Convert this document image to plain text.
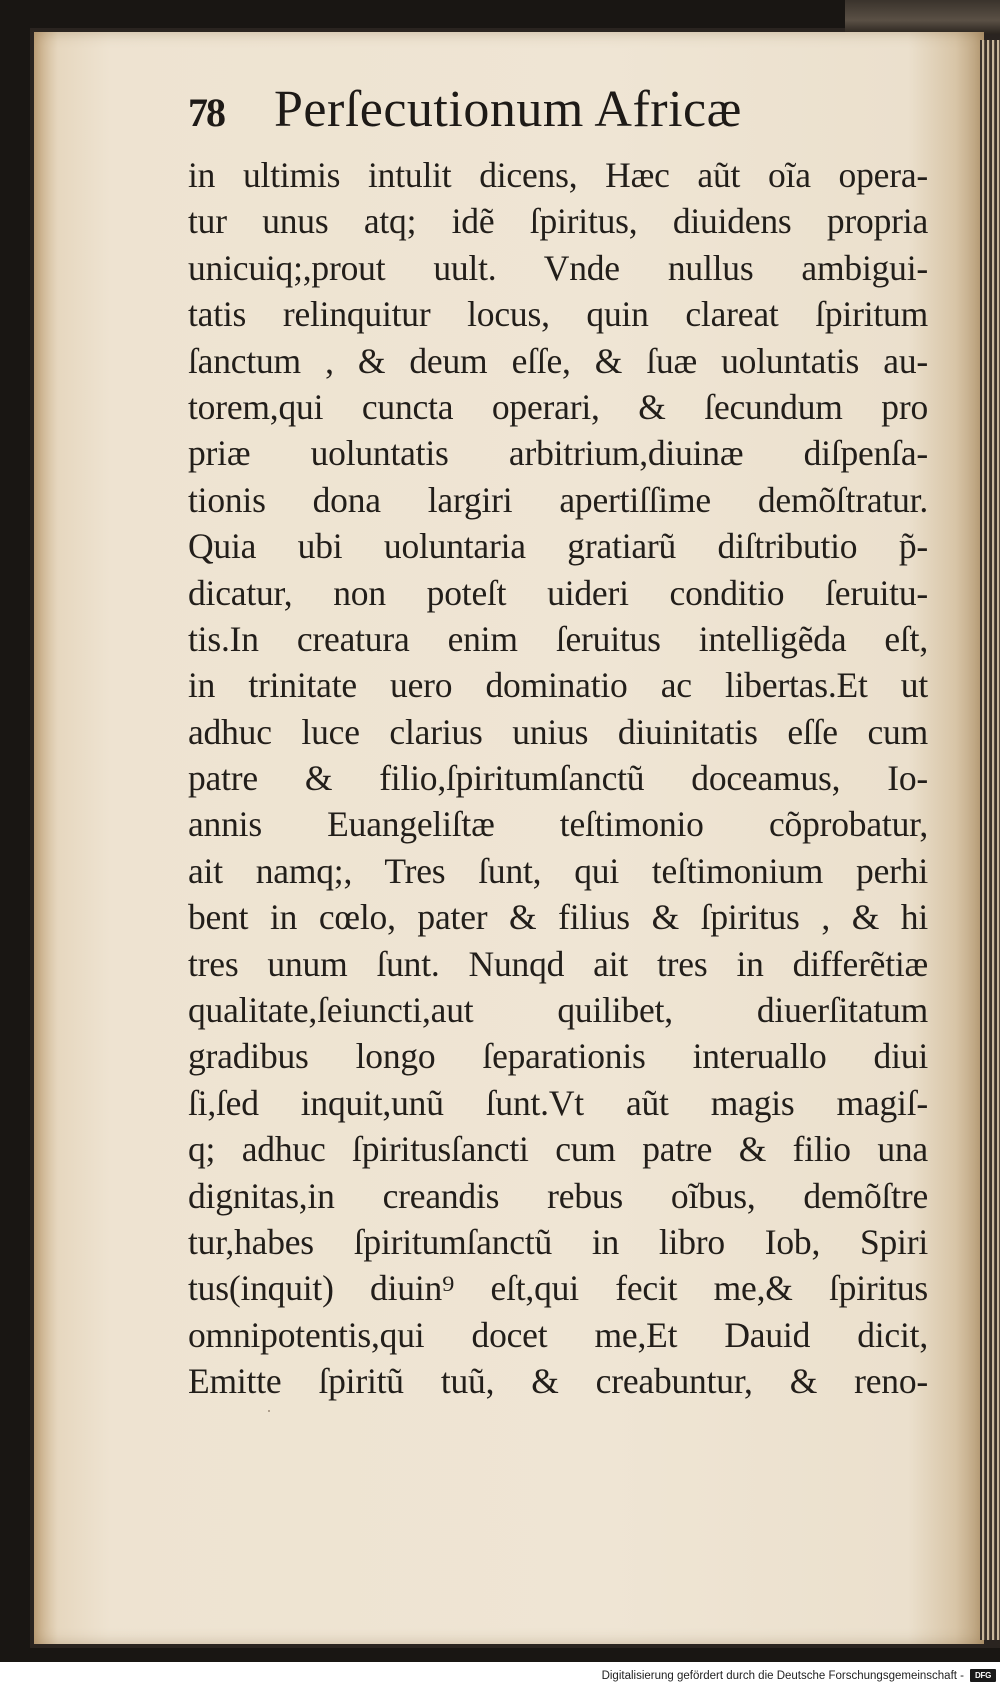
78 Perſecutionum Africæ
in ultimis intulit dicens, Hæc aũt oĩa opera-
tur unus atq; idẽ ſpiritus, diuidens propria
unicuiq;,prout uult. Vnde nullus ambigui-
tatis relinquitur locus, quin clareat ſpiritum
ſanctum , & deum eſſe, & ſuæ uoluntatis au-
torem,qui cuncta operari, & ſecundum pro
priæ uoluntatis arbitrium,diuinæ diſpenſa-
tionis dona largiri apertiſſime demõſtratur.
Quia ubi uoluntaria gratiarũ diſtributio p̃-
dicatur, non poteſt uideri conditio ſeruitu-
tis.In creatura enim ſeruitus intelligẽda eſt,
in trinitate uero dominatio ac libertas.Et ut
adhuc luce clarius unius diuinitatis eſſe cum
patre & filio,ſpiritumſanctũ doceamus, Io-
annis Euangeliſtæ teſtimonio cõprobatur,
ait namq;, Tres ſunt, qui teſtimonium perhi
bent in cœlo, pater & filius & ſpiritus , & hi
tres unum ſunt. Nunqd ait tres in differẽtiæ
qualitate,ſeiuncti,aut quilibet, diuerſitatum
gradibus longo ſeparationis interuallo diui
ſi,ſed inquit,unũ ſunt.Vt aũt magis magiſ-
q; adhuc ſpiritusſancti cum patre & filio una
dignitas,in creandis rebus oĩbus, demõſtre
tur,habes ſpiritumſanctũ in libro Iob, Spiri
tus(inquit) diuin⁹ eſt,qui fecit me,& ſpiritus
omnipotentis,qui docet me,Et Dauid dicit,
Emitte ſpiritũ tuũ, & creabuntur, & reno-
Digitalisierung gefördert durch die Deutsche Forschungsgemeinschaft -	DFG
